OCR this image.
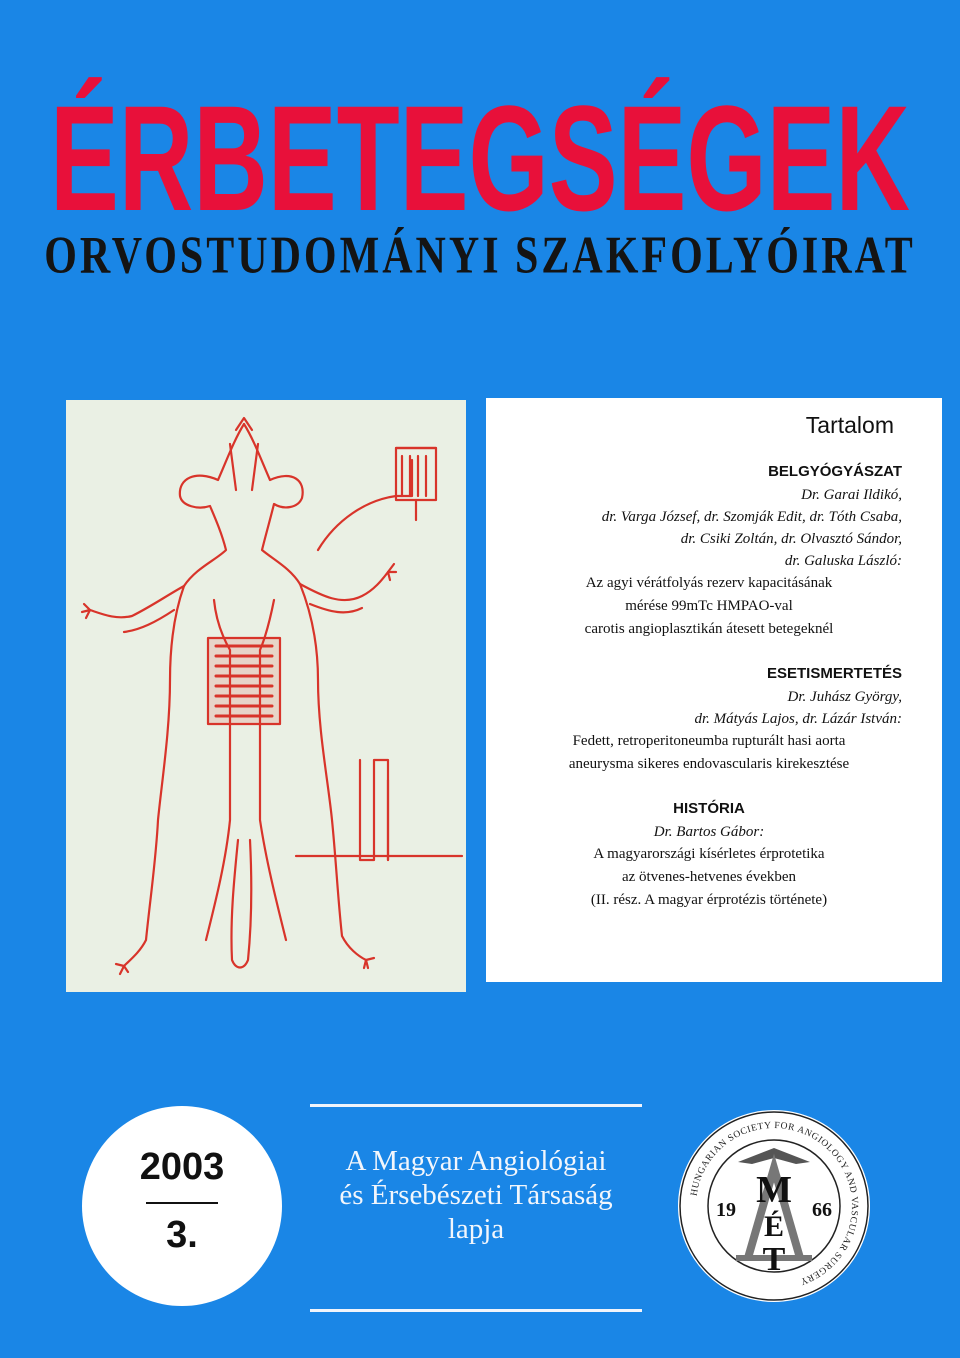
ÉRBETEGSÉGEK
ORVOSTUDOMÁNYI SZAKFOLYÓIRAT
Tartalom
BELGYÓGYÁSZAT
Dr. Garai Ildikó,
dr. Varga József, dr. Szomják Edit, dr. Tóth Csaba,
dr. Csiki Zoltán, dr. Olvasztó Sándor,
dr. Galuska László:
Az agyi vérátfolyás rezerv kapacitásának
mérése 99mTc HMPAO-val
carotis angioplasztikán átesett betegeknél
ESETISMERTETÉS
Dr. Juhász György,
dr. Mátyás Lajos, dr. Lázár István:
Fedett, retroperitoneumba rupturált hasi aorta
aneurysma sikeres endovascularis kirekesztése
HISTÓRIA
Dr. Bartos Gábor:
A magyarországi kísérletes érprotetika
az ötvenes-hetvenes években
(II. rész. A magyar érprotézis története)
2003
3.
A Magyar Angiológiai
és Érsebészeti Társaság
lapja
HUNGARIAN SOCIETY FOR ANGIOLOGY AND VASCULAR SURGERY
M
É
T
19	66
